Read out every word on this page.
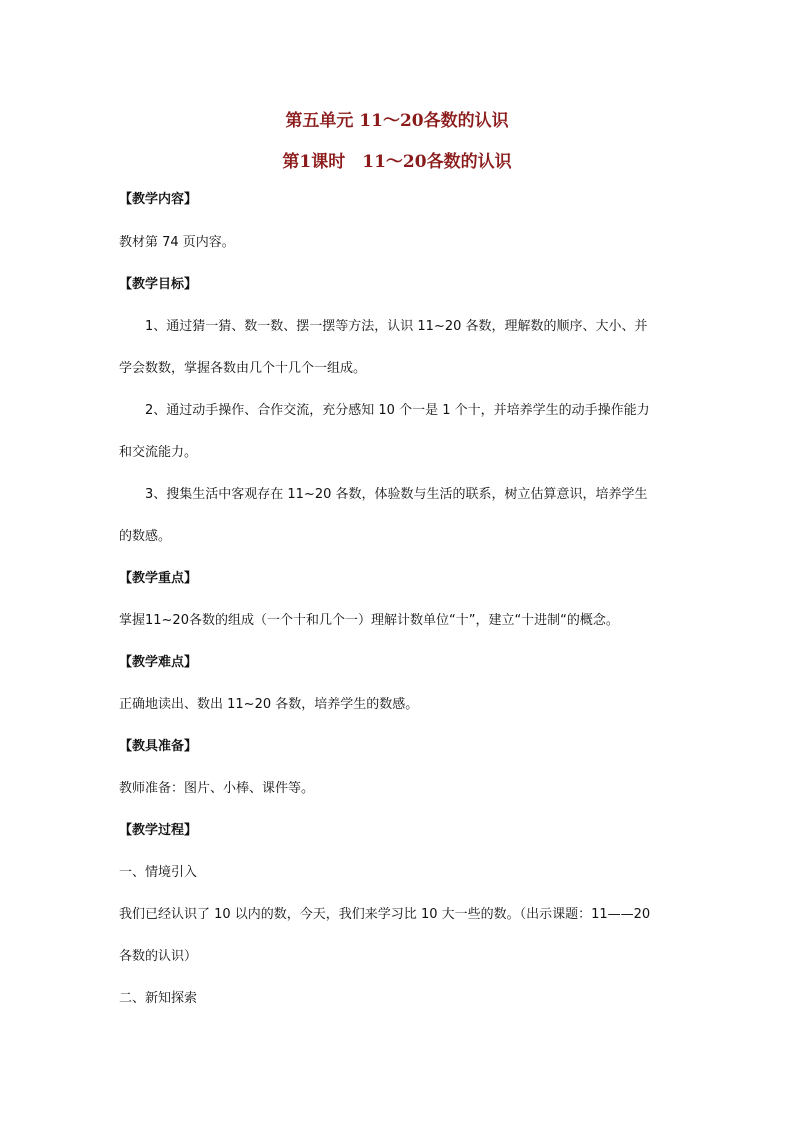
第五单元 11～20各数的认识
第1课时　11～20各数的认识

【教学内容】

教材第 74 页内容。

【教学目标】

1、通过猜一猜、数一数、摆一摆等方法，认识 11~20 各数，理解数的顺序、大小、并

学会数数，掌握各数由几个十几个一组成。

2、通过动手操作、合作交流，充分感知 10 个一是 1 个十，并培养学生的动手操作能力

和交流能力。

3、搜集生活中客观存在 11~20 各数，体验数与生活的联系，树立估算意识，培养学生

的数感。

【教学重点】

掌握11~20各数的组成（一个十和几个一）理解计数单位“十”，建立“十进制“的概念。

【教学难点】

正确地读出、数出 11~20 各数，培养学生的数感。

【教具准备】

教师准备：图片、小棒、课件等。

【教学过程】

一、情境引入

我们已经认识了 10 以内的数，今天，我们来学习比 10 大一些的数。（出示课题：11——20

各数的认识）

二、新知探索
